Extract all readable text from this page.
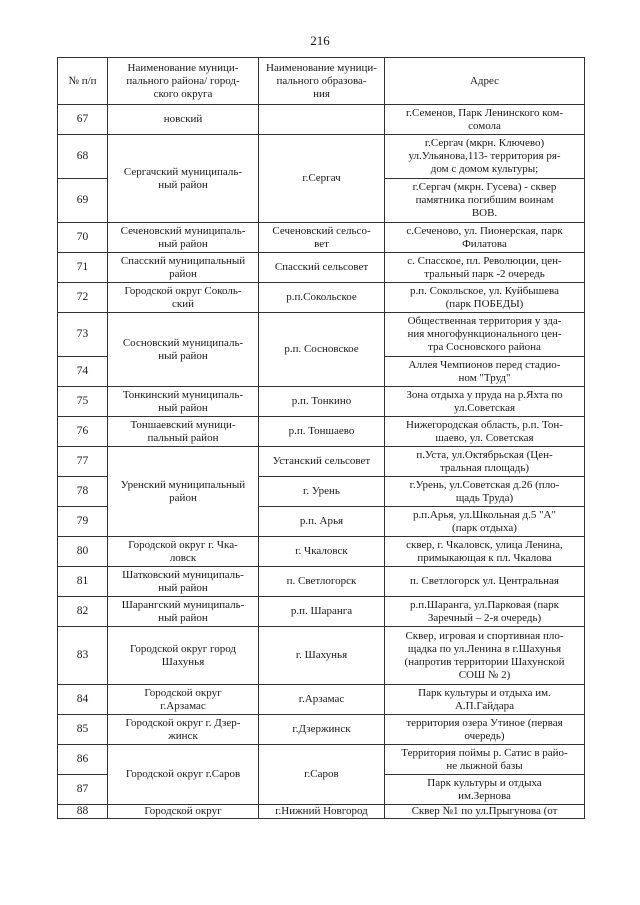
216
№ п/п	Наименование муници-
пального района/ город-
ского округа	Наименование муници-
пального образова-
ния	Адрес
67	новский		г.Семенов, Парк Ленинского ком-
сомола
68	Сергачский муниципаль-
ный район	г.Сергач	г.Сергач (мкрн. Ключево)
ул.Ульянова,113- территория ря-
дом с домом культуры;
69			г.Сергач (мкрн. Гусева) - сквер
памятника погибшим воинам
ВОВ.
70	Сеченовский муниципаль-
ный район	Сеченовский сельсо-
вет	с.Сеченово, ул. Пионерская, парк
Филатова
71	Спасский муниципальный
район	Спасский сельсовет	с. Спасское, пл. Революции, цен-
тральный парк -2 очередь
72	Городской округ Соколь-
ский	р.п.Сокольское	р.п. Сокольское, ул. Куйбышева
(парк ПОБЕДЫ)
73	Сосновский муниципаль-
ный район	р.п. Сосновское	Общественная территория у зда-
ния многофункционального цен-
тра Сосновского района
74			Аллея Чемпионов перед стадио-
ном "Труд"
75	Тонкинский муниципаль-
ный район	р.п. Тонкино	Зона отдыха у пруда на р.Яхта по
ул.Советская
76	Тоншаевский муници-
пальный район	р.п. Тоншаево	Нижегородская область, р.п. Тон-
шаево, ул. Советская
77	Уренский муниципальный
район	Устанский сельсовет	п.Уста, ул.Октябрьская (Цен-
тральная площадь)
78		г. Урень	г.Урень, ул.Советская д.26 (пло-
щадь Труда)
79		р.п. Арья	р.п.Арья, ул.Школьная д.5 "А"
(парк отдыха)
80	Городской округ г. Чка-
ловск	г. Чкаловск	сквер, г. Чкаловск, улица Ленина,
примыкающая к пл. Чкалова
81	Шатковский муниципаль-
ный район	п. Светлогорск	п. Светлогорск ул. Центральная
82	Шарангский муниципаль-
ный район	р.п. Шаранга	р.п.Шаранга, ул.Парковая (парк
Заречный – 2-я очередь)
83	Городской округ город
Шахунья	г. Шахунья	Сквер, игровая и спортивная пло-
щадка по ул.Ленина в г.Шахунья
(напротив территории Шахунской
СОШ № 2)
84	Городской округ
г.Арзамас	г.Арзамас	Парк культуры и отдыха им.
А.П.Гайдара
85	Городской округ г. Дзер-
жинск	г.Дзержинск	территория озера Утиное (первая
очередь)
86	Городской округ г.Саров	г.Саров	Территория поймы р. Сатис в райо-
не лыжной базы
87			Парк культуры и отдыха
им.Зернова
88	Городской округ	г.Нижний Новгород	Сквер №1 по ул.Прыгунова (от
